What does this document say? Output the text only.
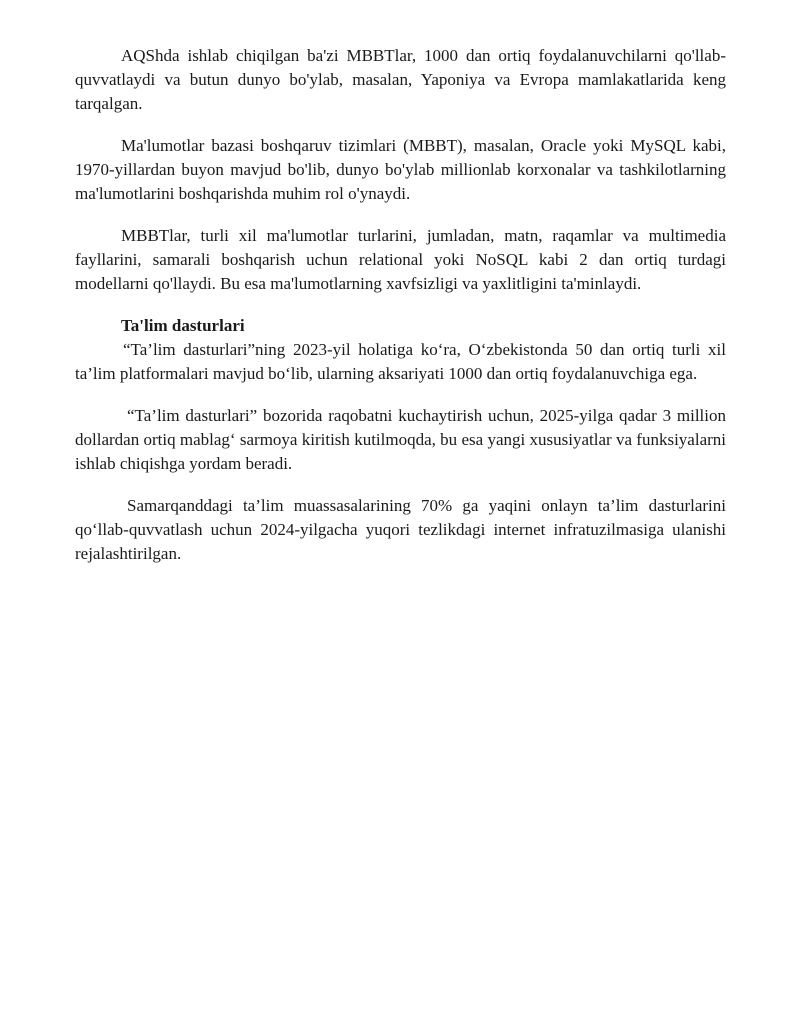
AQShda ishlab chiqilgan ba'zi MBBTlar, 1000 dan ortiq foydalanuvchilarni qo'llab-quvvatlaydi va butun dunyo bo'ylab, masalan, Yaponiya va Evropa mamlakatlarida keng tarqalgan.

Ma'lumotlar bazasi boshqaruv tizimlari (MBBT), masalan, Oracle yoki MySQL kabi, 1970-yillardan buyon mavjud bo'lib, dunyo bo'ylab millionlab korxonalar va tashkilotlarning ma'lumotlarini boshqarishda muhim rol o'ynaydi.

MBBTlar, turli xil ma'lumotlar turlarini, jumladan, matn, raqamlar va multimedia fayllarini, samarali boshqarish uchun relational yoki NoSQL kabi 2 dan ortiq turdagi modellarni qo'llaydi. Bu esa ma'lumotlarning xavfsizligi va yaxlitligini ta'minlaydi.

Ta'lim dasturlari

“Ta’lim dasturlari”ning 2023-yil holatiga ko‘ra, O‘zbekistonda 50 dan ortiq turli xil ta’lim platformalari mavjud bo‘lib, ularning aksariyati 1000 dan ortiq foydalanuvchiga ega.

“Ta’lim dasturlari” bozorida raqobatni kuchaytirish uchun, 2025-yilga qadar 3 million dollardan ortiq mablag‘ sarmoya kiritish kutilmoqda, bu esa yangi xususiyatlar va funksiyalarni ishlab chiqishga yordam beradi.

Samarqanddagi ta’lim muassasalarining 70% ga yaqini onlayn ta’lim dasturlarini qo‘llab-quvvatlash uchun 2024-yilgacha yuqori tezlikdagi internet infratuzilmasiga ulanishi rejalashtirilgan.
